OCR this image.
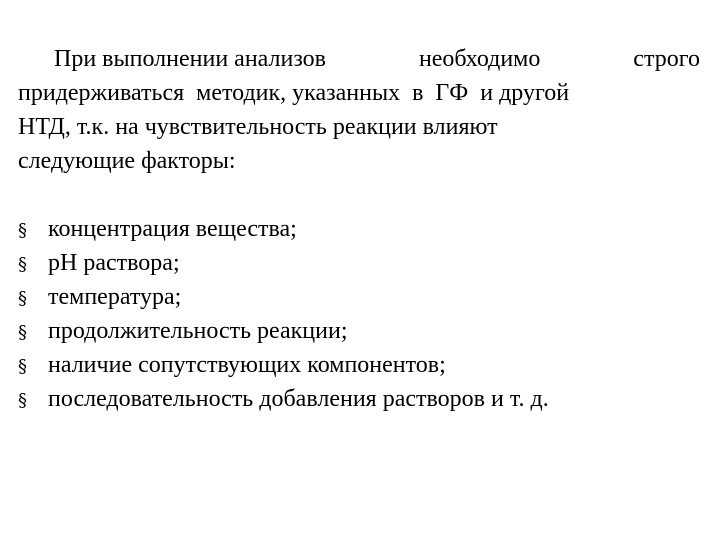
При выполнении анализов	необходимо	строго
придерживаться  методик, указанных  в  ГФ  и другой
НТД, т.к. на чувствительность реакции влияют
следующие факторы:
§ концентрация вещества;
§ pH раствора;
§ температура;
§ продолжительность реакции;
§ наличие сопутствующих компонентов;
§ последовательность добавления растворов и т. д.
